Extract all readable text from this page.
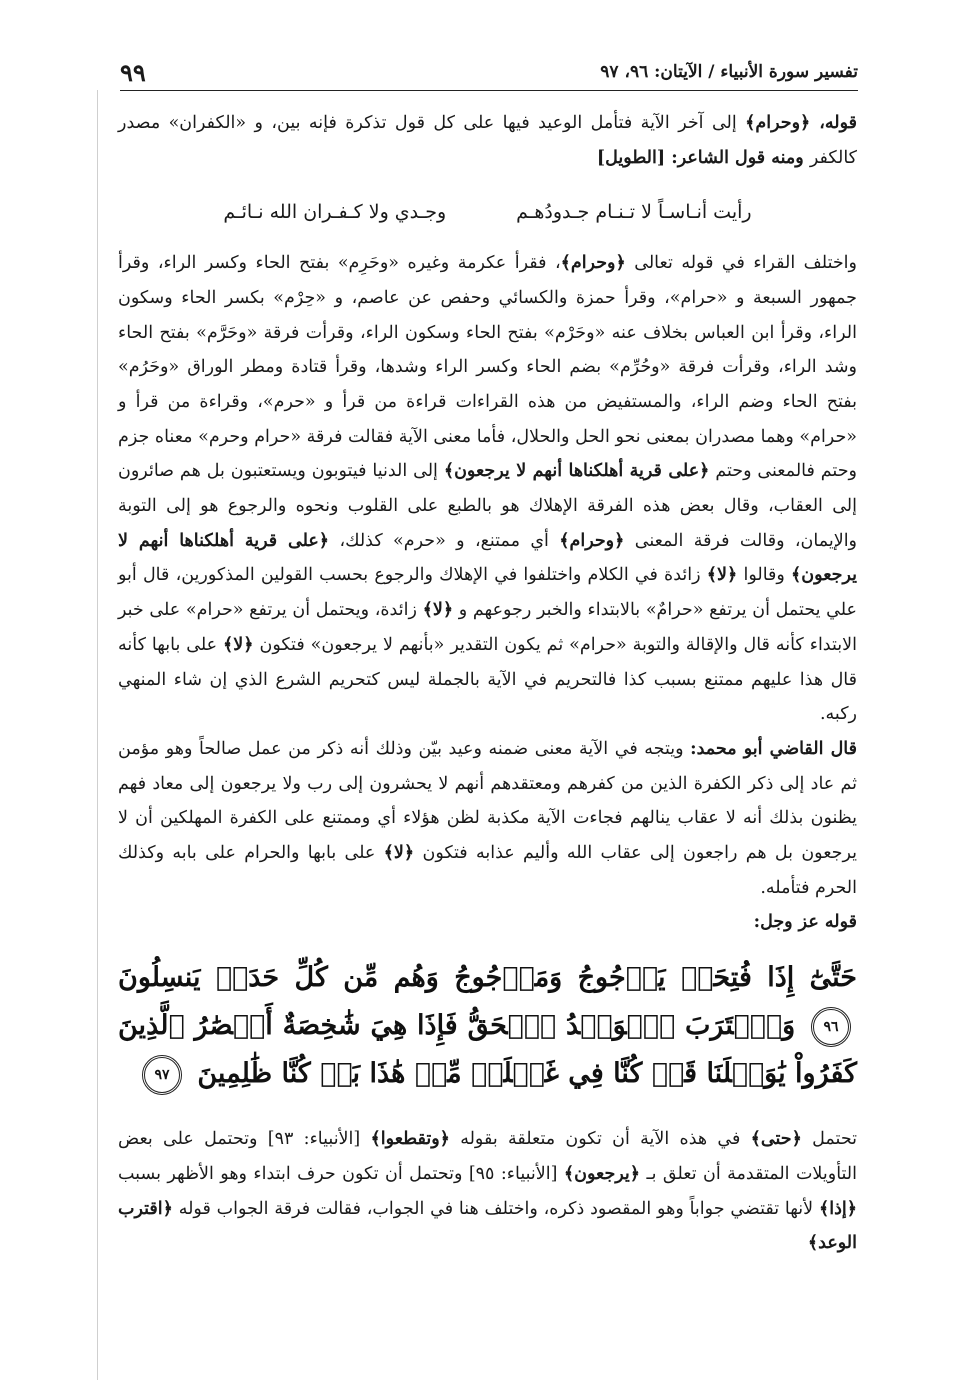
تفسير سورة الأنبياء / الآيتان: ٩٦، ٩٧
٩٩

قوله، ﴿وحرام﴾ إلى آخر الآية فتأمل الوعيد فيها على كل قول تذكرة فإنه بين، و «الكفران» مصدر كالكفر ومنه قول الشاعر: [الطويل]

رأيت أنـاسـاً لا تـنـام جـدودُهـم
وجـدي ولا كـفـران الله نـائـم

واختلف القراء في قوله تعالى ﴿وحرام﴾، فقرأ عكرمة وغيره «وحَرِم» بفتح الحاء وكسر الراء، وقرأ جمهور السبعة و «حرام»، وقرأ حمزة والكسائي وحفص عن عاصم، و «حِرْم» بكسر الحاء وسكون الراء، وقرأ ابن العباس بخلاف عنه «وحَرْم» بفتح الحاء وسكون الراء، وقرأت فرقة «وحَرَّم» بفتح الحاء وشد الراء، وقرأت فرقة «وحُرِّم» بضم الحاء وكسر الراء وشدها، وقرأ قتادة ومطر الوراق «وحَرُم» بفتح الحاء وضم الراء، والمستفيض من هذه القراءات قراءة من قرأ و «حرم»، وقراءة من قرأ و «حرام» وهما مصدران بمعنى نحو الحل والحلال، فأما معنى الآية فقالت فرقة «حرام وحرم» معناه جزم وحتم فالمعنى وحتم ﴿على قرية أهلكناها أنهم لا يرجعون﴾ إلى الدنيا فيتوبون ويستعتبون بل هم صائرون إلى العقاب، وقال بعض هذه الفرقة الإهلاك هو بالطبع على القلوب ونحوه والرجوع هو إلى التوبة والإيمان، وقالت فرقة المعنى ﴿وحرام﴾ أي ممتنع، و «حرم» كذلك، ﴿على قرية أهلكناها أنهم لا يرجعون﴾ وقالوا ﴿لا﴾ زائدة في الكلام واختلفوا في الإهلاك والرجوع بحسب القولين المذكورين، قال أبو علي يحتمل أن يرتفع «حرامٌ» بالابتداء والخبر رجوعهم و ﴿لا﴾ زائدة، ويحتمل أن يرتفع «حرام» على خبر الابتداء كأنه قال والإقالة والتوبة «حرام» ثم يكون التقدير «بأنهم لا يرجعون» فتكون ﴿لا﴾ على بابها كأنه قال هذا عليهم ممتنع بسبب كذا فالتحريم في الآية بالجملة ليس كتحريم الشرع الذي إن شاء المنهي ركبه.

قال القاضي أبو محمد: ويتجه في الآية معنى ضمنه وعيد بيّن وذلك أنه ذكر من عمل صالحاً وهو مؤمن ثم عاد إلى ذكر الكفرة الذين من كفرهم ومعتقدهم أنهم لا يحشرون إلى رب ولا يرجعون إلى معاد فهم يظنون بذلك أنه لا عقاب ينالهم فجاءت الآية مكذبة لظن هؤلاء أي وممتنع على الكفرة المهلكين أن لا يرجعون بل هم راجعون إلى عقاب الله وأليم عذابه فتكون ﴿لا﴾ على بابها والحرام على بابه وكذلك الحرم فتأمله.

قوله عز وجل:

حَتَّىٰٓ إِذَا فُتِحَتۡ يَأۡجُوجُ وَمَأۡجُوجُ وَهُم مِّن كُلِّ حَدَبٖ يَنسِلُونَ ٩٦ وَٱقۡتَرَبَ ٱلۡوَعۡدُ ٱلۡحَقُّ فَإِذَا هِيَ شَٰخِصَةٌ أَبۡصَٰرُ ٱلَّذِينَ كَفَرُواْ يَٰوَيۡلَنَا قَدۡ كُنَّا فِي غَفۡلَةٖ مِّنۡ هَٰذَا بَلۡ كُنَّا ظَٰلِمِينَ ٩٧

تحتمل ﴿حتى﴾ في هذه الآية أن تكون متعلقة بقوله ﴿وتقطعوا﴾ [الأنبياء: ٩٣] وتحتمل على بعض التأويلات المتقدمة أن تعلق بـ ﴿يرجعون﴾ [الأنبياء: ٩٥] وتحتمل أن تكون حرف ابتداء وهو الأظهر بسبب ﴿إذا﴾ لأنها تقتضي جواباً وهو المقصود ذكره، واختلف هنا في الجواب، فقالت فرقة الجواب قوله ﴿اقترب الوعد﴾
